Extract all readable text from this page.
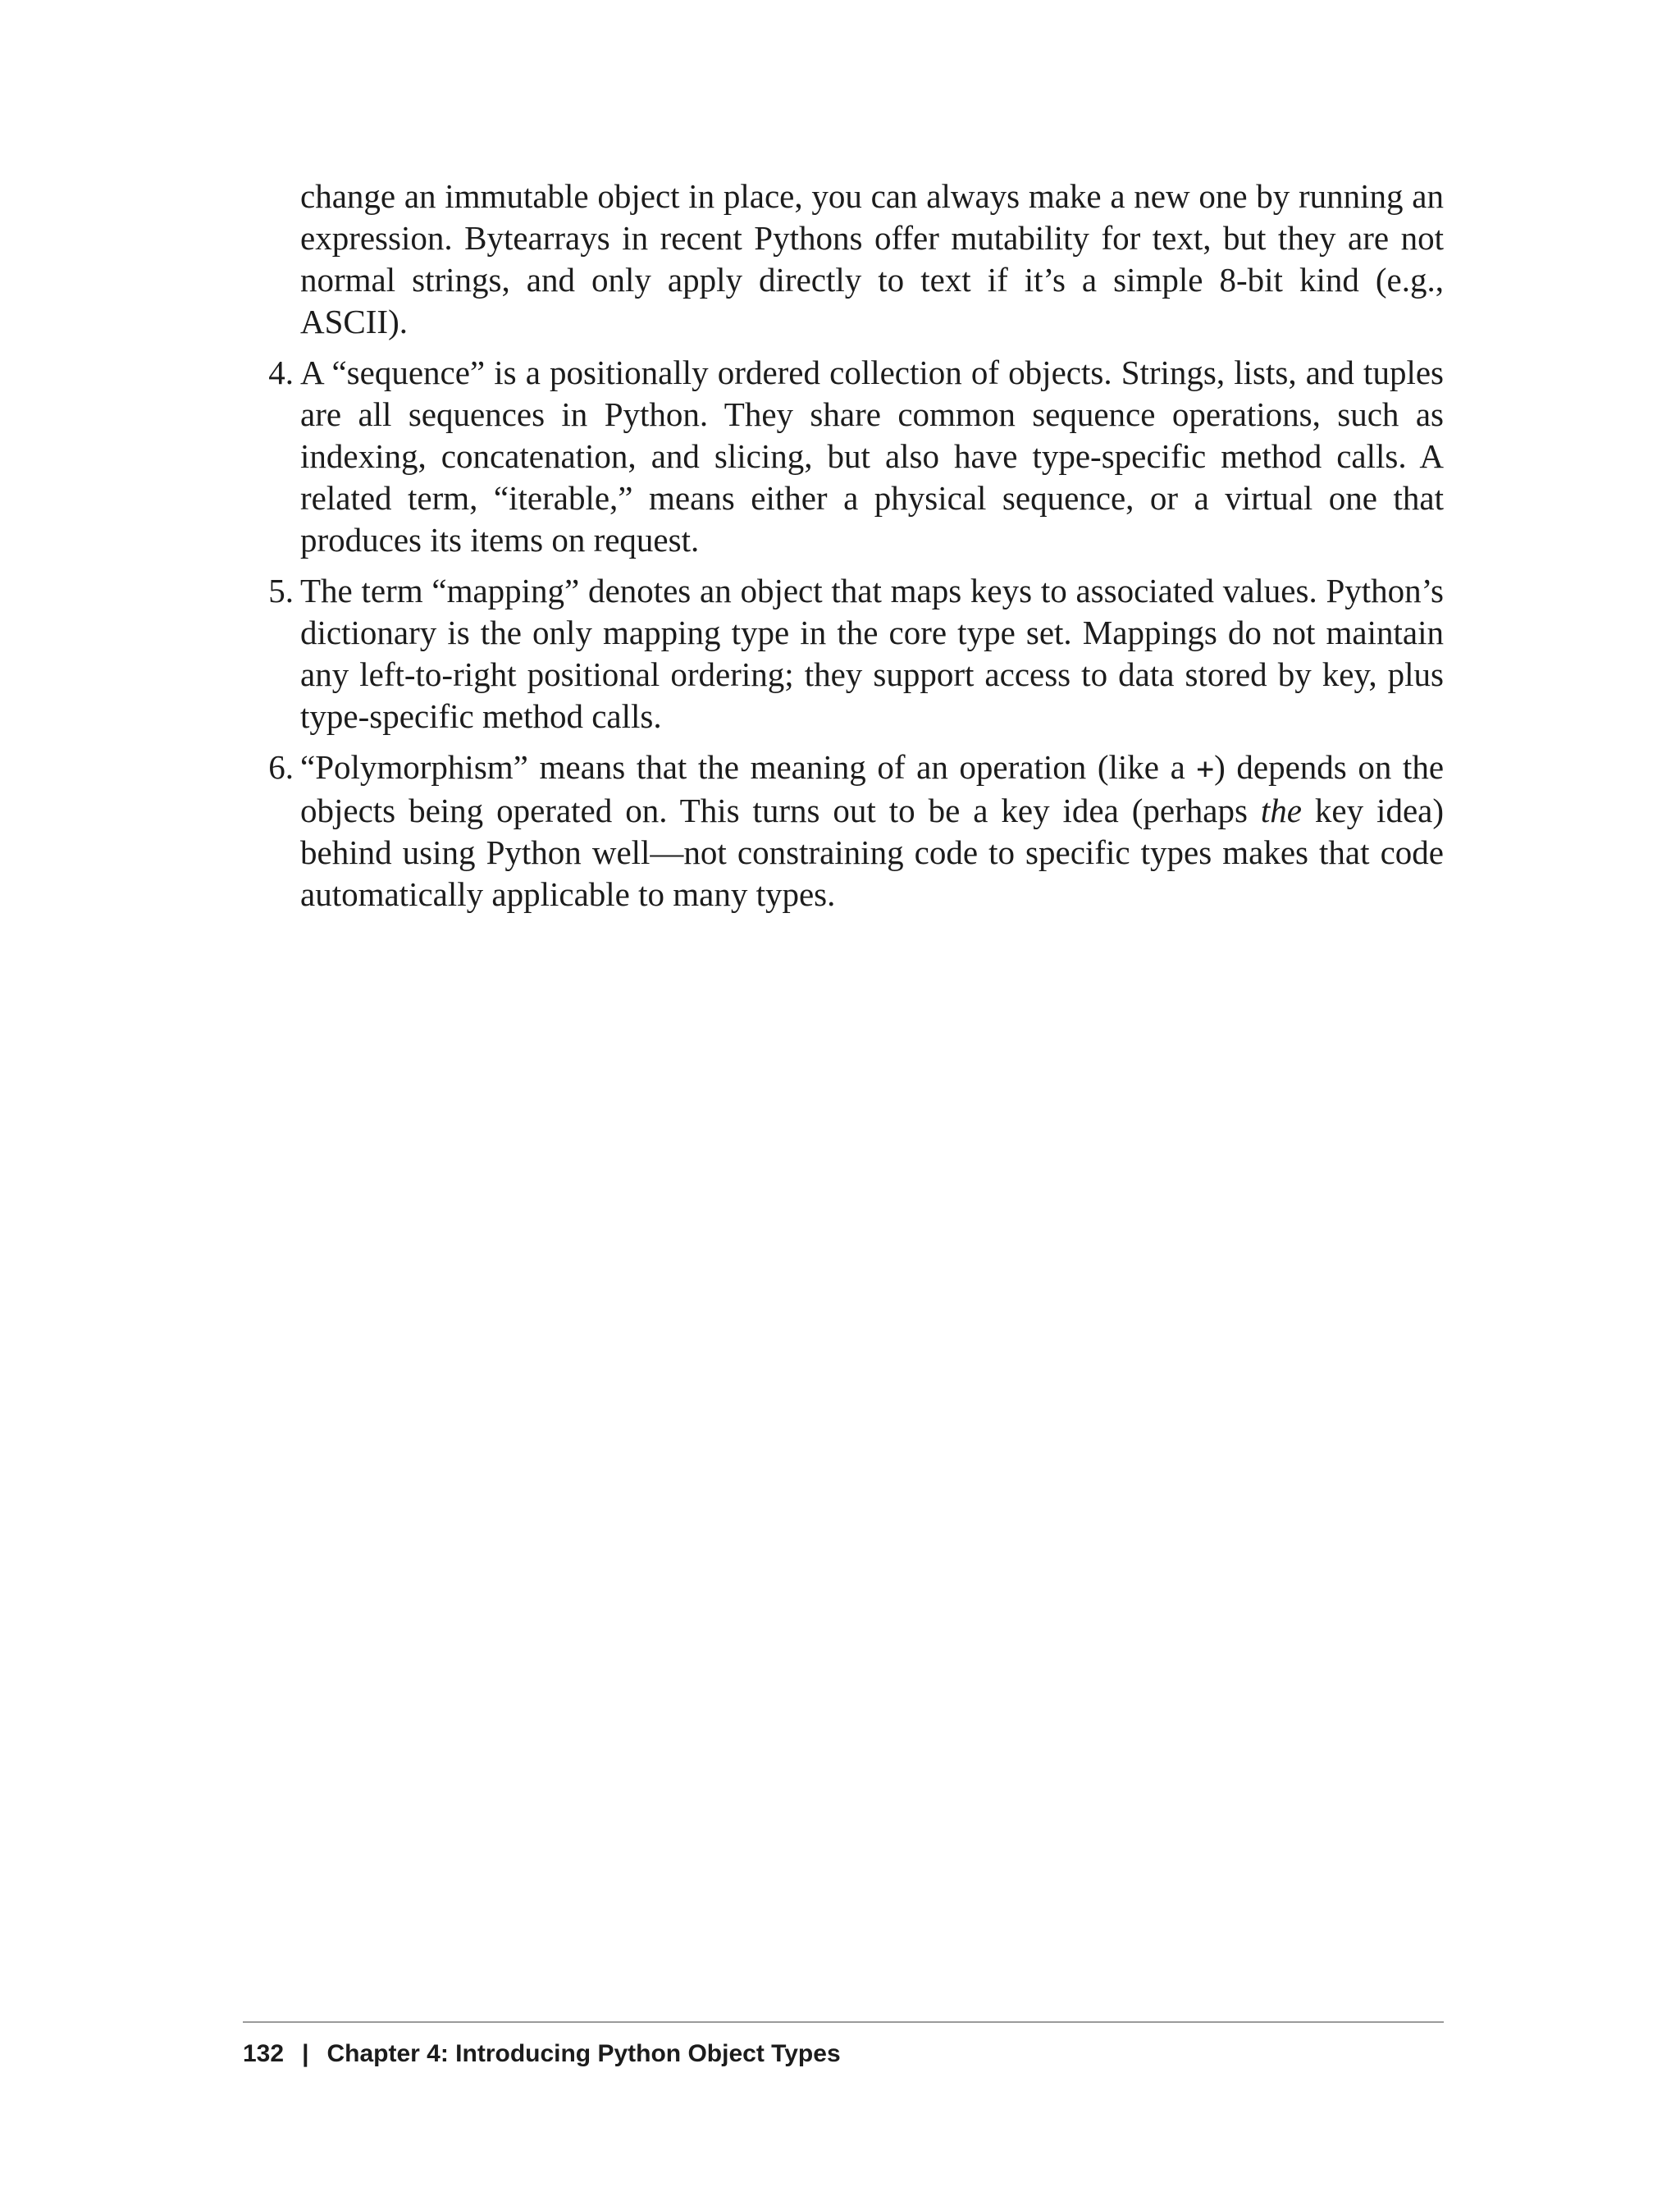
change an immutable object in place, you can always make a new one by running an expression. Bytearrays in recent Pythons offer mutability for text, but they are not normal strings, and only apply directly to text if it’s a simple 8-bit kind (e.g., ASCII).

4. A “sequence” is a positionally ordered collection of objects. Strings, lists, and tuples are all sequences in Python. They share common sequence operations, such as indexing, concatenation, and slicing, but also have type-specific method calls. A related term, “iterable,” means either a physical sequence, or a virtual one that produces its items on request.
5. The term “mapping” denotes an object that maps keys to associated values. Python’s dictionary is the only mapping type in the core type set. Mappings do not maintain any left-to-right positional ordering; they support access to data stored by key, plus type-specific method calls.
6. “Polymorphism” means that the meaning of an operation (like a +) depends on the objects being operated on. This turns out to be a key idea (perhaps the key idea) behind using Python well—not constraining code to specific types makes that code automatically applicable to many types.
132 | Chapter 4: Introducing Python Object Types
